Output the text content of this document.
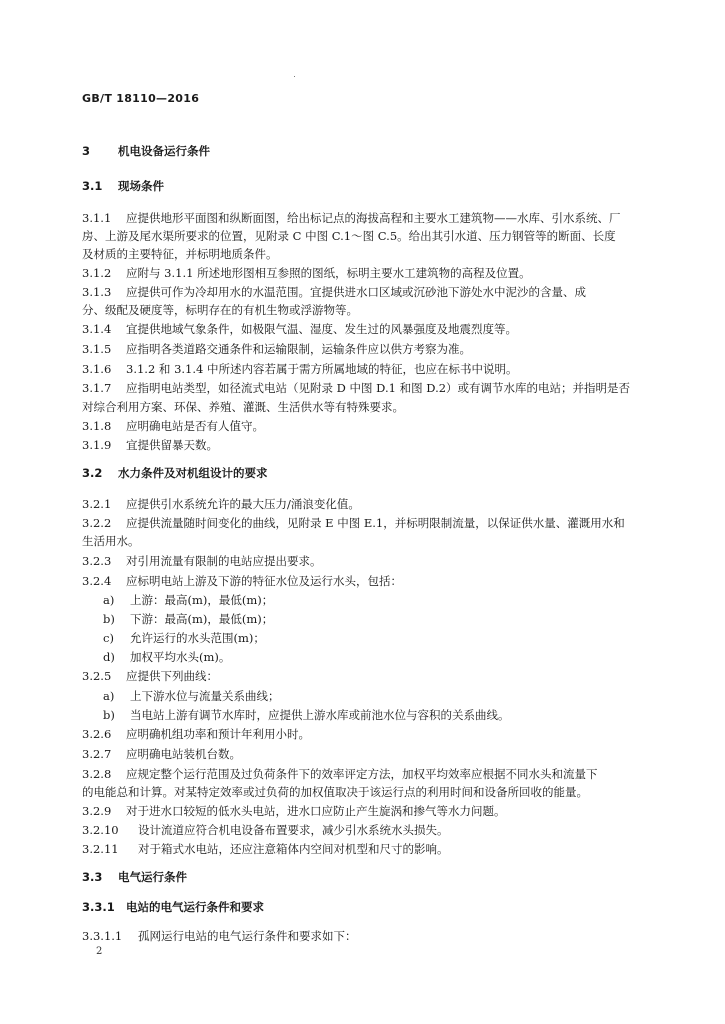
GB/T 18110—2016
3 机电设备运行条件
3.1 现场条件
3.1.1 应提供地形平面图和纵断面图，给出标记点的海拔高程和主要水工建筑物——水库、引水系统、厂
房、上游及尾水渠所要求的位置，见附录 C 中图 C.1～图 C.5。给出其引水道、压力钢管等的断面、长度
及材质的主要特征，并标明地质条件。
3.1.2 应附与 3.1.1 所述地形图相互参照的图纸，标明主要水工建筑物的高程及位置。
3.1.3 应提供可作为冷却用水的水温范围。宜提供进水口区域或沉砂池下游处水中泥沙的含量、成
分、级配及硬度等，标明存在的有机生物或浮游物等。
3.1.4 宜提供地域气象条件，如极限气温、湿度、发生过的风暴强度及地震烈度等。
3.1.5 应指明各类道路交通条件和运输限制，运输条件应以供方考察为准。
3.1.6 3.1.2 和 3.1.4 中所述内容若属于需方所属地域的特征，也应在标书中说明。
3.1.7 应指明电站类型，如径流式电站（见附录 D 中图 D.1 和图 D.2）或有调节水库的电站；并指明是否
对综合利用方案、环保、养殖、灌溉、生活供水等有特殊要求。
3.1.8 应明确电站是否有人值守。
3.1.9 宜提供留暴天数。
3.2 水力条件及对机组设计的要求
3.2.1 应提供引水系统允许的最大压力/涌浪变化值。
3.2.2 应提供流量随时间变化的曲线，见附录 E 中图 E.1，并标明限制流量，以保证供水量、灌溉用水和
生活用水。
3.2.3 对引用流量有限制的电站应提出要求。
3.2.4 应标明电站上游及下游的特征水位及运行水头，包括：
a) 上游：最高(m)，最低(m)；
b) 下游：最高(m)，最低(m)；
c) 允许运行的水头范围(m)；
d) 加权平均水头(m)。
3.2.5 应提供下列曲线：
a) 上下游水位与流量关系曲线；
b) 当电站上游有调节水库时，应提供上游水库或前池水位与容积的关系曲线。
3.2.6 应明确机组功率和预计年利用小时。
3.2.7 应明确电站装机台数。
3.2.8 应规定整个运行范围及过负荷条件下的效率评定方法，加权平均效率应根据不同水头和流量下
的电能总和计算。对某特定效率或过负荷的加权值取决于该运行点的利用时间和设备所回收的能量。
3.2.9 对于进水口较短的低水头电站，进水口应防止产生旋涡和掺气等水力问题。
3.2.10 设计流道应符合机电设备布置要求，减少引水系统水头损失。
3.2.11 对于箱式水电站，还应注意箱体内空间对机型和尺寸的影响。
3.3 电气运行条件
3.3.1 电站的电气运行条件和要求
3.3.1.1 孤网运行电站的电气运行条件和要求如下：
2
